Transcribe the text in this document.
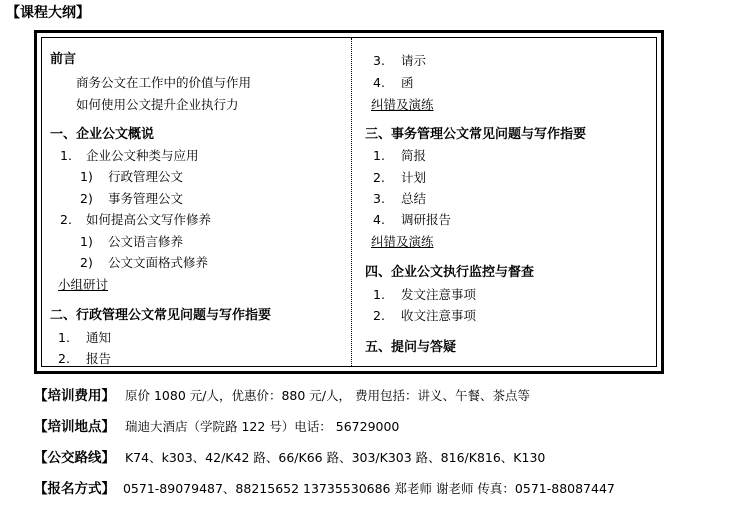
【课程大纲】
前言
商务公文在工作中的价值与作用
如何使用公文提升企业执行力
一、企业公文概说
1. 企业公文种类与应用
1) 行政管理公文
2) 事务管理公文
2. 如何提高公文写作修养
1) 公文语言修养
2) 公文文面格式修养
小组研讨
二、行政管理公文常见问题与写作指要
1. 通知
2. 报告
3. 请示
4. 函
纠错及演练
三、事务管理公文常见问题与写作指要
1. 简报
2. 计划
3. 总结
4. 调研报告
纠错及演练
四、企业公文执行监控与督查
1. 发文注意事项
2. 收文注意事项
五、提问与答疑
【培训费用】 原价 1080 元/人，优惠价：880 元/人， 费用包括：讲义、午餐、茶点等
【培训地点】 瑞迪大酒店（学院路 122 号）电话： 56729000
【公交路线】 K74、k303、42/K42 路、66/K66 路、303/K303 路、816/K816、K130
【报名方式】 0571-89079487、88215652 13735530686 郑老师 谢老师 传真：0571-88087447
